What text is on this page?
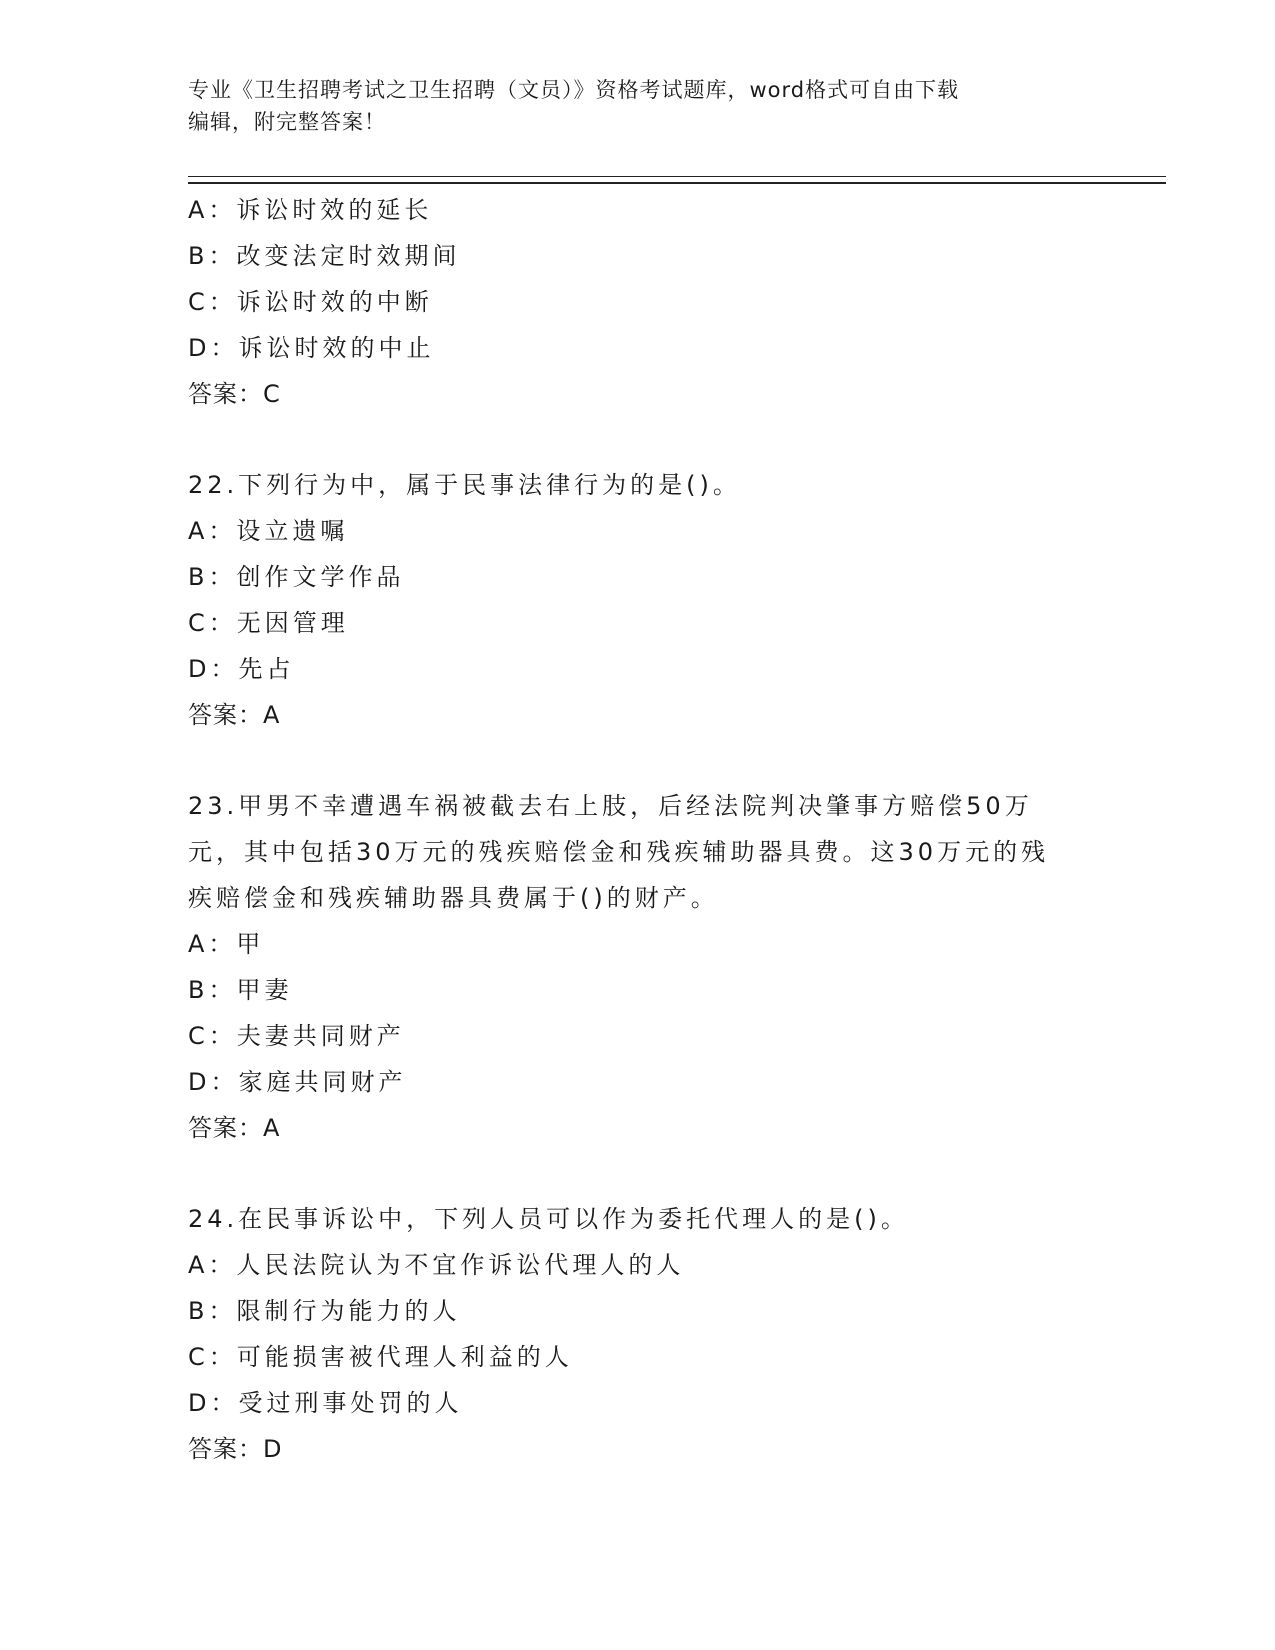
专业《卫生招聘考试之卫生招聘（文员）》资格考试题库，word格式可自由下载
编辑，附完整答案！
A：诉讼时效的延长
B：改变法定时效期间
C：诉讼时效的中断
D：诉讼时效的中止
答案：C
22.下列行为中，属于民事法律行为的是()。
A：设立遗嘱
B：创作文学作品
C：无因管理
D：先占
答案：A
23.甲男不幸遭遇车祸被截去右上肢，后经法院判决肇事方赔偿50万元，其中包括30万元的残疾赔偿金和残疾辅助器具费。这30万元的残疾赔偿金和残疾辅助器具费属于()的财产。
A：甲
B：甲妻
C：夫妻共同财产
D：家庭共同财产
答案：A
24.在民事诉讼中，下列人员可以作为委托代理人的是()。
A：人民法院认为不宜作诉讼代理人的人
B：限制行为能力的人
C：可能损害被代理人利益的人
D：受过刑事处罚的人
答案：D
